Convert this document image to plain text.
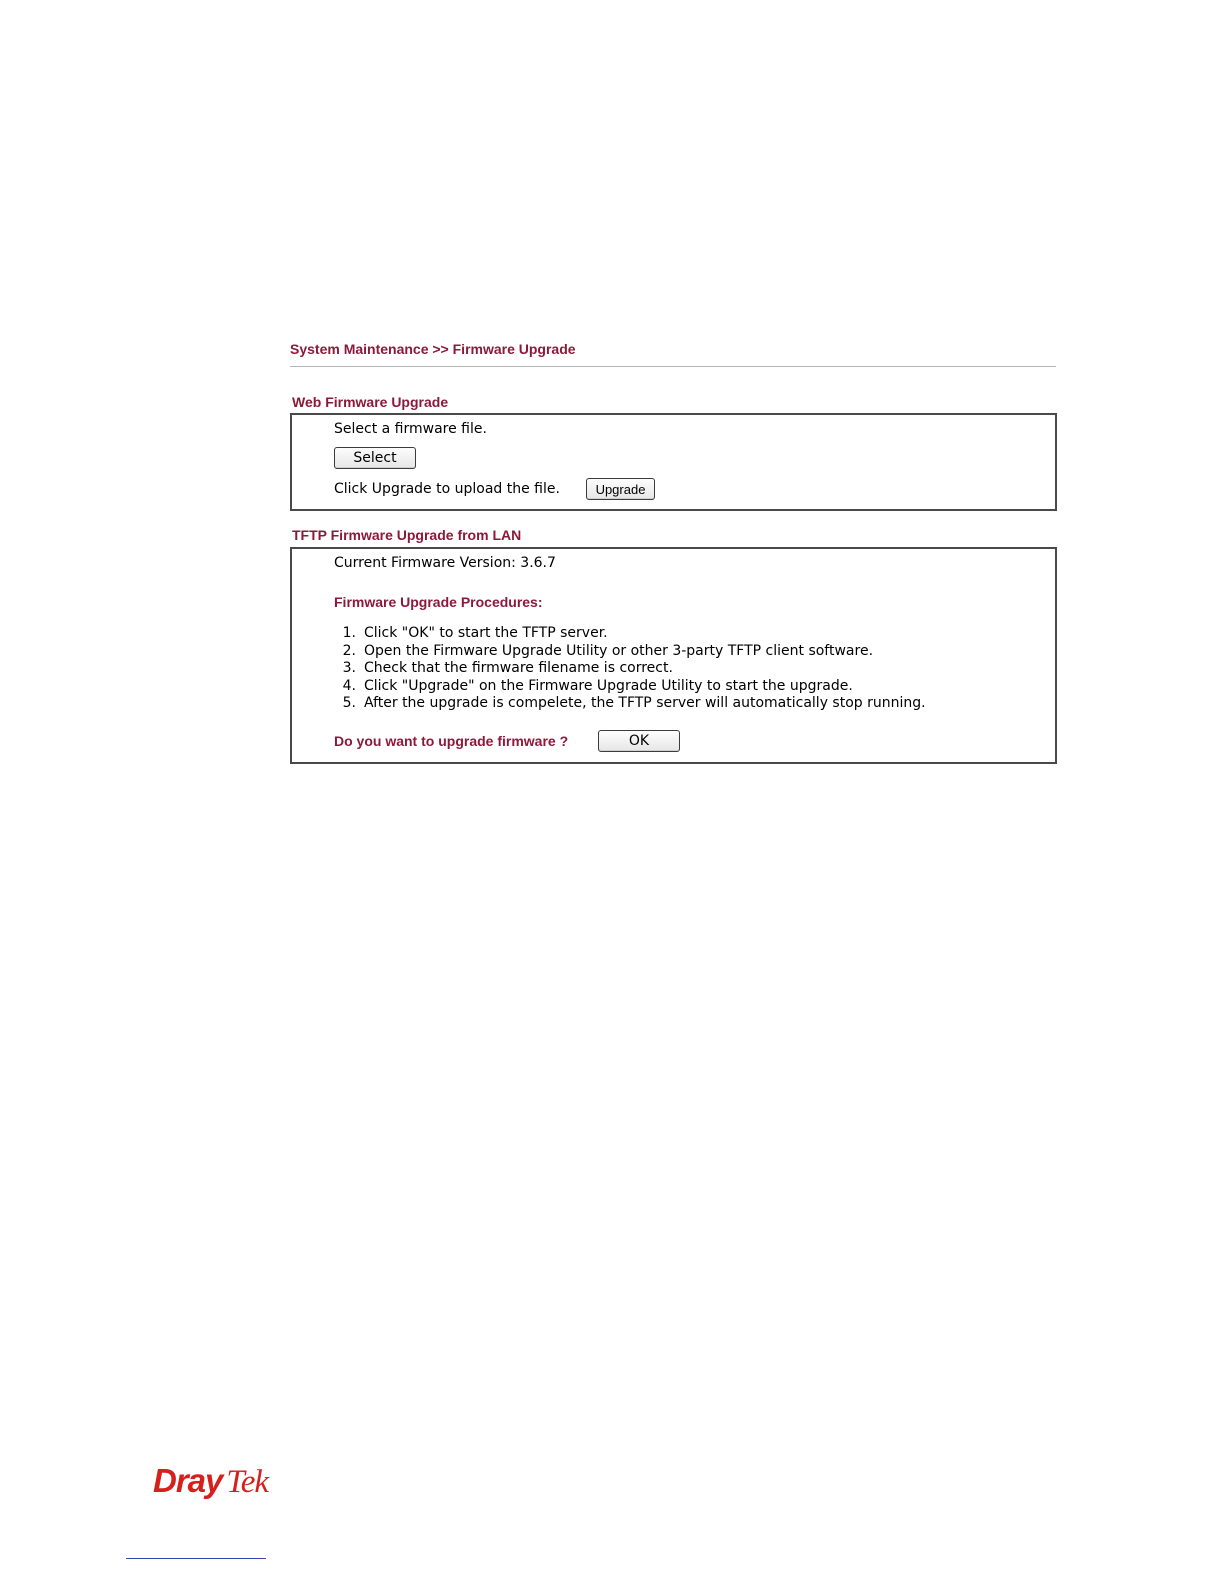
System Maintenance >> Firmware Upgrade
Web Firmware Upgrade
Select a firmware file.
Select
Click Upgrade to upload the file.	Upgrade
TFTP Firmware Upgrade from LAN
Current Firmware Version: 3.6.7
Firmware Upgrade Procedures:
1. Click "OK" to start the TFTP server.
2. Open the Firmware Upgrade Utility or other 3-party TFTP client software.
3. Check that the firmware filename is correct.
4. Click "Upgrade" on the Firmware Upgrade Utility to start the upgrade.
5. After the upgrade is compelete, the TFTP server will automatically stop running.
Do you want to upgrade firmware ?	OK
Dray Tek
